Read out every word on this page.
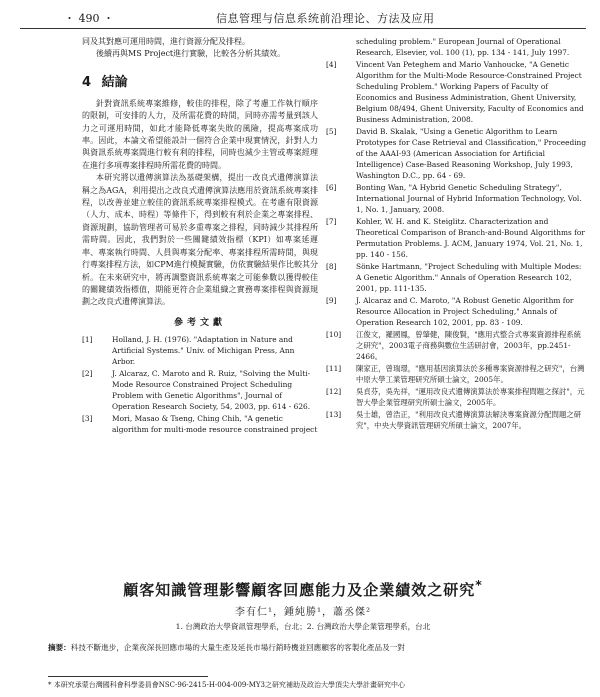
・ 490 ・	信息管理与信息系统前沿理论、方法及应用

同及其對應可運用時間，進行資源分配及排程。

後續再與MS Project進行實驗，比較各分析其績效。

4 結論

針對資訊系統專案維修，較佳的排程，除了考慮工作執行順序的限制，可安排的人力，及所需花費的時間，同時亦需考量到該人力之可運用時間，如此才能降低專案失敗的風險，提高專案成功率。因此，本論文希望能設計一個符合企業中現實情況，針對人力與資訊系統專案間進行較有利的排程，同時也減少主管或專案經理在進行多項專案排程時所需花費的時間。

本研究將以遺傳演算法為基礎架構，提出一改良式遺傳演算法稱之為AGA，利用提出之改良式遺傳演算法應用於資訊系統專案排程，以改善並建立較佳的資訊系統專案排程模式。在考慮有限資源（人力、成本、時程）等條件下，得到較有利於企業之專案排程、資源規劃，協助管理者可易於多重專案之排程，同時減少其排程所需時間。因此，我們對於一些關鍵績效指標（KPI）如專案延遲率、專案執行時間、人員與專案分配率、專案排程所需時間，與現行專案排程方法，如CPM進行模擬實驗，仿依實驗結果作比較其分析。在未來研究中，將再調整資訊系統專案之可能參數以獲得較佳的關鍵績效指標值，期能更符合企業組織之實務專案排程與資源規劃之改良式遺傳演算法。

參考文獻
[1]	Holland, J. H. (1976). "Adaptation in Nature and Artificial Systems." Univ. of Michigan Press, Ann Arbor.
[2]	J. Alcaraz, C. Maroto and R. Ruiz, "Solving the Multi-Mode Resource Constrained Project Scheduling Problem with Genetic Algorithms", Journal of Operation Research Society, 54, 2003, pp. 614 - 626.
[3]	Mori, Masao & Tseng, Ching Chih, "A genetic algorithm for multi-mode resource constrained project
scheduling problem." European Journal of Operational Research, Elsevier, vol. 100 (1), pp. 134 - 141, July 1997.
[4]	Vincent Van Peteghem and Mario Vanhoucke, "A Genetic Algorithm for the Multi-Mode Resource-Constrained Project Scheduling Problem." Working Papers of Faculty of Economics and Business Administration, Ghent University, Belgium 08/494, Ghent University, Faculty of Economics and Business Administration, 2008.
[5]	David B. Skalak, "Using a Genetic Algorithm to Learn Prototypes for Case Retrieval and Classification," Proceeding of the AAAI-93 (American Association for Artificial Intelligence) Case-Based Reasoning Workshop, July 1993, Washington D.C., pp. 64 - 69.
[6]	Bonting Wan, "A Hybrid Genetic Scheduling Strategy", International Journal of Hybrid Information Technology, Vol. 1, No. 1, January, 2008.
[7]	Kohler, W. H. and K. Steiglitz. Characterization and Theoretical Comparison of Branch-and-Bound Algorithms for Permutation Problems. J. ACM, January 1974, Vol. 21, No. 1, pp. 140 - 156.
[8]	Sönke Hartmann, "Project Scheduling with Multiple Modes: A Genetic Algorithm." Annals of Operation Research 102, 2001, pp. 111-135.
[9]	J. Alcaraz and C. Maroto, "A Robust Genetic Algorithm for Resource Allocation in Project Scheduling," Annals of Operation Research 102, 2001, pp. 83 - 109.
[10]	江俊文，羅國鳳，曾肇健，陳俊賢，"應用式整合式專案資源排程系統之研究"，2003電子商務與數位生活研討會，2003年，pp.2451-2466。
[11]	陳家正，曾瑞璟，"應用基因演算法於多種專案資源排程之研究"，台灣中原大學工業管理研究所碩士論文，2005年。
[12]	吳貞芬，吳先祥，"運用改良式遺傳演算法於專案排程問題之探討"，元智大學企業管理研究所碩士論文，2005年。
[13]	吳士雄，曾浩正，"利用改良式遺傳演算法解決專案資源分配問題之研究"，中央大學資訊管理研究所碩士論文，2007年。
顧客知識管理影響顧客回應能力及企業績效之研究*
李有仁¹，鍾純勝¹，蕭丞傑²
1. 台灣政治大學資訊管理學系，台北；2. 台灣政治大學企業管理學系，台北
摘要：科技不斷進步，企業夜深長回應市場的大量生產及延長市場行銷時機並回應顧客的客製化產品及一對
* 本研究承蒙台灣國科會科學委員會NSC-96-2415-H-004-009-MY3之研究補助及政治大學頂尖大學計畫研究中心
